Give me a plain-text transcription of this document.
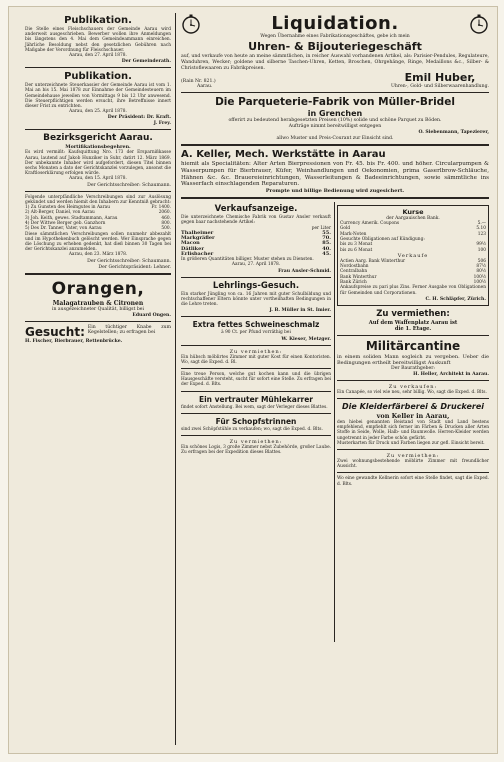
Publikation.

Die Stelle eines Fleischschauers der Gemeinde Aarau wird anderweit ausgeschrieben. Bewerber wollen ihre Anmeldungen bis längstens den 4. Mai dem Gemeindeammann einreichen. Jährliche Besoldung nebst den gesetzlichen Gebühren nach Maßgabe der Verordnung für Fleischschauer.

Aarau, den 27. April 1878.

Der Gemeinderath.
Publikation.

Der unterzeichnete Steuerkassier der Gemeinde Aarau ist vom 1. Mai an bis 15. Mai 1878 zur Einnahme der Gemeindesteuern im Gemeindehause jeweilen von Vormittags 9 bis 12 Uhr anwesend. Die Steuerpflichtigen werden ersucht, ihre Betreffnisse innert dieser Frist zu entrichten.

Aarau, den 25. April 1878.

Der Präsident: Dr. Kraft.
J. Frey.
Bezirksgericht Aarau.
Mortifikationsbegehren.

Es wird vermißt: Kaufsquittung Nro. 173 der Ersparnißkasse Aarau, lautend auf Jakob Hunziker in Suhr, datirt 12. März 1869. Der unbekannte Inhaber wird aufgefordert, diesen Titel binnen sechs Monaten a dato der Gerichtskanzlei vorzulegen, ansonst die Kraftloserklärung erfolgen würde.

Aarau, den 15. April 1878.

Der Gerichtsschreiber: Schaumann.

Folgende unterpfändliche Verschreibungen sind zur Auslösung gekündet und werden hiemit den Inhabern zur Kenntniß gebracht:

1) Zu Gunsten des Heimgutes in Aarau	Fr. 1400.
2) Alt-Berger, Daniel, von Aarau	2060.
3) Joh. Keith, gewes. Stadtammann, Aarau	460.
4) Der Wittwe Berger geb. Ganzhorn	800.
5) Des Dr. Tanner, Vater, von Aarau	500.

Diese sämmtlichen Verschreibungen sollen nunmehr abbezahlt und im Hypothekenbuch gelöscht werden. Wer Einsprache gegen die Löschung zu erheben gedenkt, hat dieß binnen 30 Tagen bei der Gerichtskanzlei anzumelden.

Aarau, den 23. März 1878.

Der Gerichtsschreiber: Schaumann.
Der Gerichtspräsident: Lehner.
Orangen,
Malagatrauben & Citronen
in ausgezeichneter Qualität, billigst bei
Eduard Ongen.
Gesucht: Ein tüchtiger Knabe zum Kegelstellen; zu erfragen bei

H. Fischer, Bierbrauer, Rettenbrücke.
Liquidation.
Wegen Übernahme eines Fabrikationsgeschäftes, gebe ich mein
Uhren- & Bijouteriegeschäft

auf, und verkaufe von heute an meine sämmtlichen, in reicher Auswahl vorhandenen Artikel, als: Parisier-Pendules, Regulateure, Wanduhren, Wecker; goldene und silberne Taschen-Uhren, Ketten, Broschen, Ohrgehänge, Ringe, Medaillons &c., Silber- & Christoflewaaren zu Fabrikpreisen.

(Rain Nr. 821.)
Aarau.
Emil Huber,
Uhren-, Gold- und Silberwaarenhandlung.
Die Parqueterie-Fabrik von Müller-Bridel
in Grenchen

offerirt zu bedeutend herabgesetzten Preisen (10%) solide und schöne Parquet zu Böden.

Aufträge nimmt bereitwilligst entgegen

O. Siebenmann, Tapezierer,

allwo Muster und Preis-Courant zur Einsicht sind.

A. Keller, Mech. Werkstätte in Aarau

hiemit als Specialitäten: Alter Arten Bierpressionen von Fr. 45. bis Fr. 400. und höher. Circularpumpen & Wasserpumpen für Bierbrauer, Küfer, Weinhandlungen und Oekonomien, prima Gaserlbrow-Schläuche, Hähnen &c. &c. Brauereieinrichtungen, Wasserleitungen & Badeeinrichtungen, sowie sämmtliche ins Wasserfach einschlagenden Reparaturen.

Prompte und billige Bedienung wird zugesichert.
Verkaufsanzeige.

Die unterzeichnete Chemische Fabrik von Gustav Ansler verkauft gegen baar nachstehende Artikel:

per Liter
Thalheimer	55.
Markgräfler	70.
Macon	85.
Dätliker	40.
Erlisbacher	45.

In größeren Quantitäten billiger. Muster stehen zu Diensten.

Aarau, 27. April 1878.

Frau Ansler-Schmid.
Lehrlings-Gesuch.

Ein starker Jüngling von ca. 16 Jahren mit guter Schulbildung und rechtschaffener Eltern könnte unter vortheilhaften Bedingungen in die Lehre treten.

J. B. Müller in St. Imier.
Extra fettes Schweineschmalz

à 90 Ct. per Pfund vorräthig bei

W. Kieser, Metzger.
Zu vermiethen:

Ein hübsch möblirtes Zimmer mit guter Kost für einen Kontoristen. Wo, sagt die Exped. d. Bl.

Eine treue Person, welche gut kochen kann und die übrigen Hausgeschäfte versteht, sucht für sofort eine Stelle. Zu erfragen bei der Exped. d. Blts.

Ein vertrauter Mühlekarrer

findet sofort Anstellung. Bei wem, sagt der Verleger dieses Blattes.

Für Schopfstrinnen

sind zwei Schöpfstühle zu verkaufen; wo, sagt die Exped. d. Blts.

Zu vermiethen:

Ein schönes Logis, 3 große Zimmer nebst Zubehörde, großer Laube. Zu erfragen bei der Expedition dieses Blattes.

Kurse
der Aargauischen Bank.
Currency Amerik. Coupons	5.—
Gold	5.10
Mark-Noten	123

Gesuchte Obligationen auf Kündigung:

bis zu 3 Monat	99½
bis zu 6 Monat	100
Verkaufe
Actien Aarg. Bank Winterthur	506
Nordostbahn	87½
Centralbahn	80½
Bank Winterthur	100½
Bank Zürich	100½

Ankaufspreise zu pari plus Zins. Ferner Ausgabe von Obligationen für Gemeinden und Corporationen.

C. H. Schläpfer, Zürich.
Zu vermiethen:
Auf dem Waffenplatz Aarau ist
die 1. Etage.
Militärcantine

in einem soliden Mann sogleich zu vergeben. Ueber die Bedingungen ertheilt bereitwilligst Auskunft

Der Baurathgeber:
H. Heller, Architekt in Aarau.
Zu verkaufen:

Ein Canapée, so viel wie neu, sehr billig. Wo, sagt die Exped. d. Blts.

Die Kleiderfärberei & Druckerei
von Keller in Aarau,

den hiebei genannten Beistand von Stadt und Land bestens empfehlend, empfiehlt sich ferner im Färben & Drucken aller Arten Stoffe in Seide, Wolle, Halb- und Baumwolle. Herren-Kleider werden ungetrennt in jeder Farbe schön gefärbt.

Musterkarten für Druck und Farben liegen zur gefl. Einsicht bereit.

Zu vermiethen:

Zwei wohnungsbestehende möblirte Zimmer mit freundlicher Aussicht.

Wo eine gewandte Kellnerin sofort eine Stelle findet, sagt die Exped. d. Blts.
